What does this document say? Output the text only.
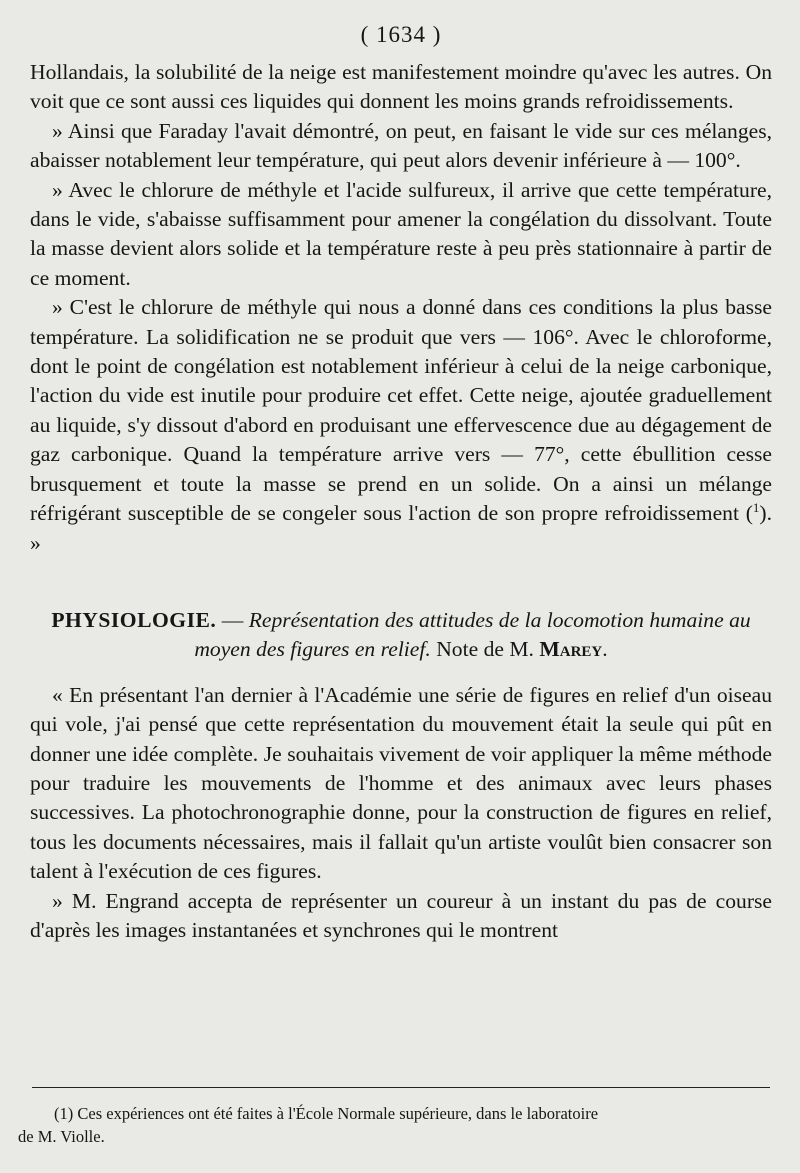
( 1634 )

Hollandais, la solubilité de la neige est manifestement moindre qu'avec les autres. On voit que ce sont aussi ces liquides qui donnent les moins grands refroidissements.

» Ainsi que Faraday l'avait démontré, on peut, en faisant le vide sur ces mélanges, abaisser notablement leur température, qui peut alors devenir inférieure à — 100°.

» Avec le chlorure de méthyle et l'acide sulfureux, il arrive que cette température, dans le vide, s'abaisse suffisamment pour amener la congélation du dissolvant. Toute la masse devient alors solide et la température reste à peu près stationnaire à partir de ce moment.

» C'est le chlorure de méthyle qui nous a donné dans ces conditions la plus basse température. La solidification ne se produit que vers — 106°. Avec le chloroforme, dont le point de congélation est notablement inférieur à celui de la neige carbonique, l'action du vide est inutile pour produire cet effet. Cette neige, ajoutée graduellement au liquide, s'y dissout d'abord en produisant une effervescence due au dégagement de gaz carbonique. Quand la température arrive vers — 77°, cette ébullition cesse brusquement et toute la masse se prend en un solide. On a ainsi un mélange réfrigérant susceptible de se congeler sous l'action de son propre refroidissement ($^1$). »

PHYSIOLOGIE. — Représentation des attitudes de la locomotion humaine au moyen des figures en relief. Note de M. Marey.

« En présentant l'an dernier à l'Académie une série de figures en relief d'un oiseau qui vole, j'ai pensé que cette représentation du mouvement était la seule qui pût en donner une idée complète. Je souhaitais vivement de voir appliquer la même méthode pour traduire les mouvements de l'homme et des animaux avec leurs phases successives. La photochronographie donne, pour la construction de figures en relief, tous les documents nécessaires, mais il fallait qu'un artiste voulût bien consacrer son talent à l'exécution de ces figures.

» M. Engrand accepta de représenter un coureur à un instant du pas de course d'après les images instantanées et synchrones qui le montrent

(1) Ces expériences ont été faites à l'École Normale supérieure, dans le laboratoire
de M. Violle.
